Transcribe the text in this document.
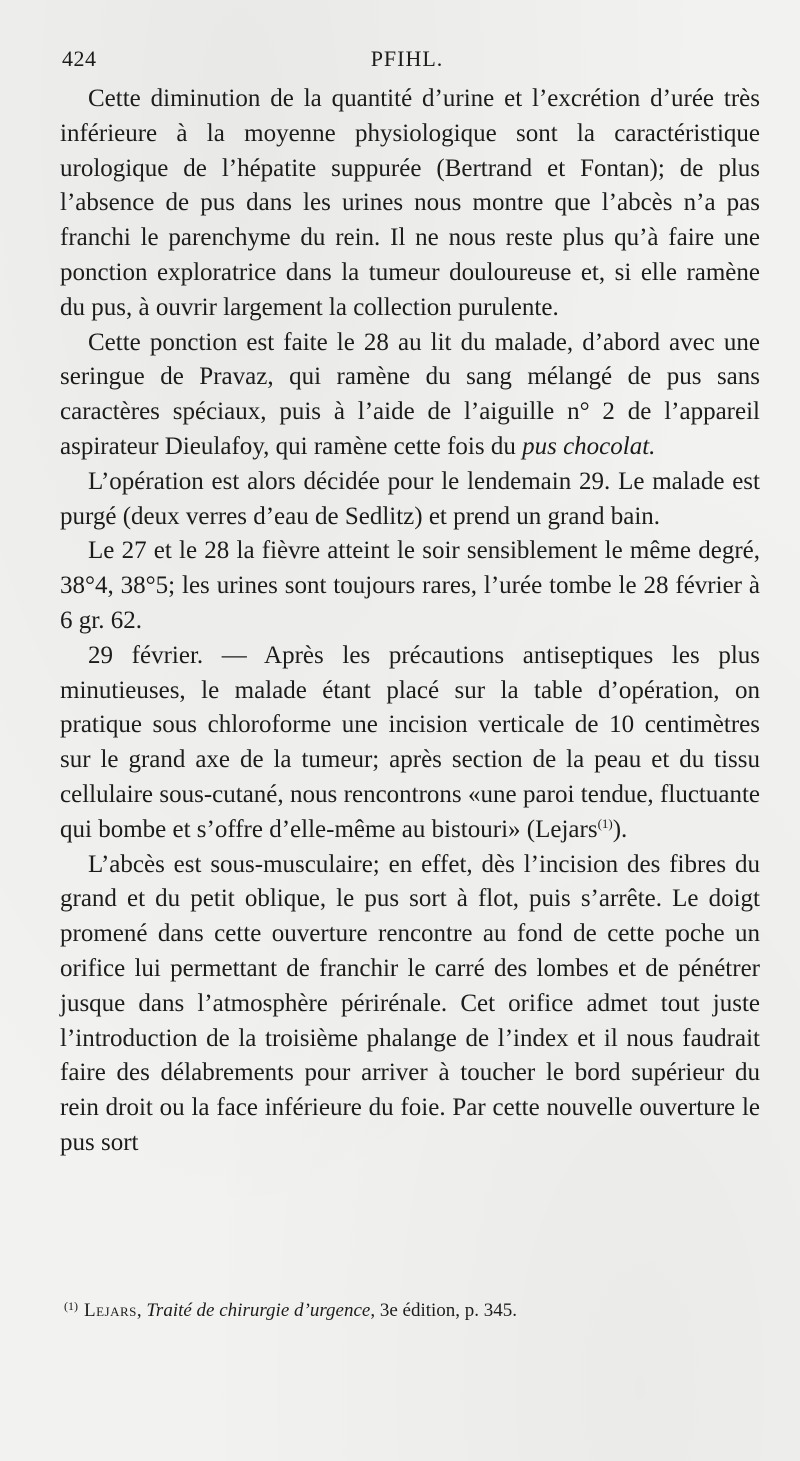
424	PFIHL.

Cette diminution de la quantité d’urine et l’excrétion d’urée très inférieure à la moyenne physiologique sont la caractéristique urologique de l’hépatite suppurée (Bertrand et Fontan); de plus l’absence de pus dans les urines nous montre que l’abcès n’a pas franchi le parenchyme du rein. Il ne nous reste plus qu’à faire une ponction exploratrice dans la tumeur douloureuse et, si elle ramène du pus, à ouvrir largement la collection purulente.

Cette ponction est faite le 28 au lit du malade, d’abord avec une seringue de Pravaz, qui ramène du sang mélangé de pus sans caractères spéciaux, puis à l’aide de l’aiguille n° 2 de l’appareil aspirateur Dieulafoy, qui ramène cette fois du pus chocolat.

L’opération est alors décidée pour le lendemain 29. Le malade est purgé (deux verres d’eau de Sedlitz) et prend un grand bain.

Le 27 et le 28 la fièvre atteint le soir sensiblement le même degré, 38°4, 38°5; les urines sont toujours rares, l’urée tombe le 28 février à 6 gr. 62.

29 février. — Après les précautions antiseptiques les plus minutieuses, le malade étant placé sur la table d’opération, on pratique sous chloroforme une incision verticale de 10 centimètres sur le grand axe de la tumeur; après section de la peau et du tissu cellulaire sous-cutané, nous rencontrons «une paroi tendue, fluctuante qui bombe et s’offre d’elle-même au bistouri» (Lejars$^{(1)}$).

L’abcès est sous-musculaire; en effet, dès l’incision des fibres du grand et du petit oblique, le pus sort à flot, puis s’arrête. Le doigt promené dans cette ouverture rencontre au fond de cette poche un orifice lui permettant de franchir le carré des lombes et de pénétrer jusque dans l’atmosphère périrénale. Cet orifice admet tout juste l’introduction de la troisième phalange de l’index et il nous faudrait faire des délabrements pour arriver à toucher le bord supérieur du rein droit ou la face inférieure du foie. Par cette nouvelle ouverture le pus sort

$^{(1)}$ Lejars, Traité de chirurgie d’urgence, 3e édition, p. 345.
